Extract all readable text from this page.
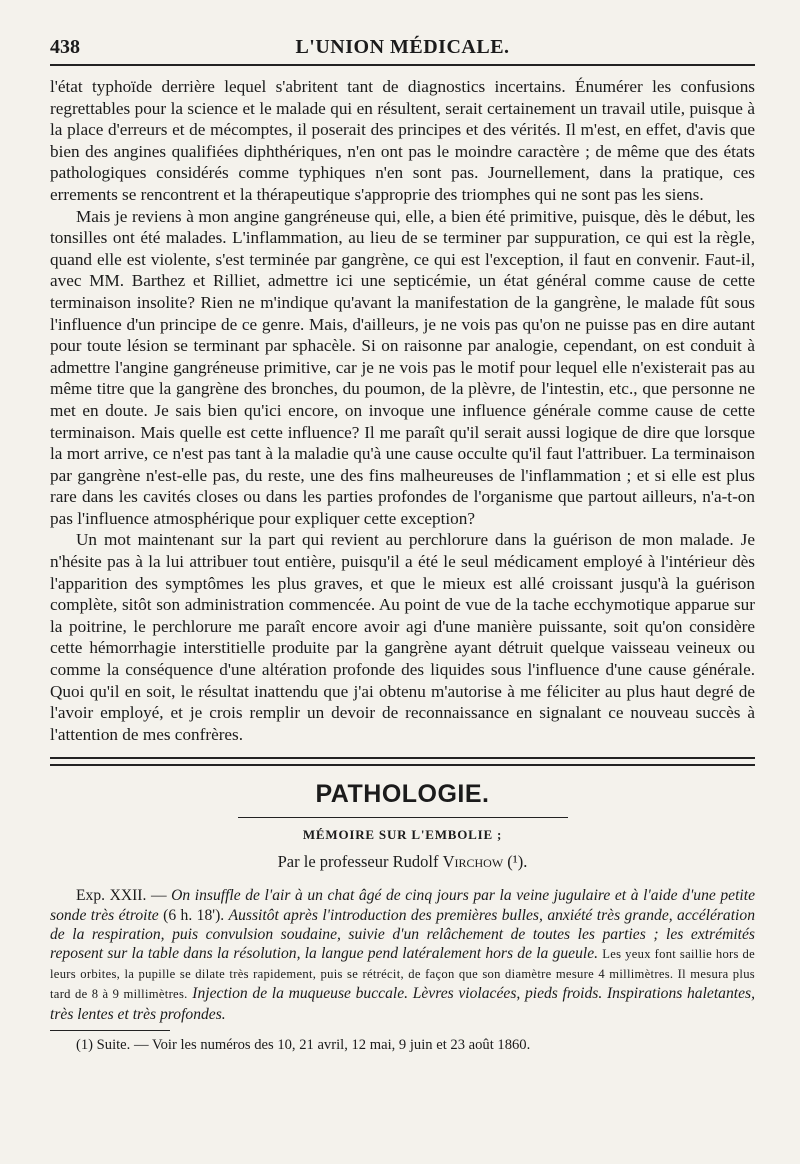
438	L'UNION MÉDICALE.

l'état typhoïde derrière lequel s'abritent tant de diagnostics incertains. Énumérer les confusions regrettables pour la science et le malade qui en résultent, serait certainement un travail utile, puisque à la place d'erreurs et de mécomptes, il poserait des principes et des vérités. Il m'est, en effet, d'avis que bien des angines qualifiées diphthériques, n'en ont pas le moindre caractère ; de même que des états pathologiques considérés comme typhiques n'en sont pas. Journellement, dans la pratique, ces errements se rencontrent et la thérapeutique s'approprie des triomphes qui ne sont pas les siens.

Mais je reviens à mon angine gangréneuse qui, elle, a bien été primitive, puisque, dès le début, les tonsilles ont été malades. L'inflammation, au lieu de se terminer par suppuration, ce qui est la règle, quand elle est violente, s'est terminée par gangrène, ce qui est l'exception, il faut en convenir. Faut-il, avec MM. Barthez et Rilliet, admettre ici une septicémie, un état général comme cause de cette terminaison insolite? Rien ne m'indique qu'avant la manifestation de la gangrène, le malade fût sous l'influence d'un principe de ce genre. Mais, d'ailleurs, je ne vois pas qu'on ne puisse pas en dire autant pour toute lésion se terminant par sphacèle. Si on raisonne par analogie, cependant, on est conduit à admettre l'angine gangréneuse primitive, car je ne vois pas le motif pour lequel elle n'existerait pas au même titre que la gangrène des bronches, du poumon, de la plèvre, de l'intestin, etc., que personne ne met en doute. Je sais bien qu'ici encore, on invoque une influence générale comme cause de cette terminaison. Mais quelle est cette influence? Il me paraît qu'il serait aussi logique de dire que lorsque la mort arrive, ce n'est pas tant à la maladie qu'à une cause occulte qu'il faut l'attribuer. La terminaison par gangrène n'est-elle pas, du reste, une des fins malheureuses de l'inflammation ; et si elle est plus rare dans les cavités closes ou dans les parties profondes de l'organisme que partout ailleurs, n'a-t-on pas l'influence atmosphérique pour expliquer cette exception?

Un mot maintenant sur la part qui revient au perchlorure dans la guérison de mon malade. Je n'hésite pas à la lui attribuer tout entière, puisqu'il a été le seul médicament employé à l'intérieur dès l'apparition des symptômes les plus graves, et que le mieux est allé croissant jusqu'à la guérison complète, sitôt son administration commencée. Au point de vue de la tache ecchymotique apparue sur la poitrine, le perchlorure me paraît encore avoir agi d'une manière puissante, soit qu'on considère cette hémorrhagie interstitielle produite par la gangrène ayant détruit quelque vaisseau veineux ou comme la conséquence d'une altération profonde des liquides sous l'influence d'une cause générale. Quoi qu'il en soit, le résultat inattendu que j'ai obtenu m'autorise à me féliciter au plus haut degré de l'avoir employé, et je crois remplir un devoir de reconnaissance en signalant ce nouveau succès à l'attention de mes confrères.

PATHOLOGIE.
MÉMOIRE SUR L'EMBOLIE ;
Par le professeur Rudolf Virchow (¹).
Exp. XXII. — On insuffle de l'air à un chat âgé de cinq jours par la veine jugulaire et à l'aide d'une petite sonde très étroite (6 h. 18'). Aussitôt après l'introduction des premières bulles, anxiété très grande, accélération de la respiration, puis convulsion soudaine, suivie d'un relâchement de toutes les parties ; les extrémités reposent sur la table dans la résolution, la langue pend latéralement hors de la gueule. Les yeux font saillie hors de leurs orbites, la pupille se dilate très rapidement, puis se rétrécit, de façon que son diamètre mesure 4 millimètres. Il mesura plus tard de 8 à 9 millimètres. Injection de la muqueuse buccale. Lèvres violacées, pieds froids. Inspirations haletantes, très lentes et très profondes.
(1) Suite. — Voir les numéros des 10, 21 avril, 12 mai, 9 juin et 23 août 1860.
